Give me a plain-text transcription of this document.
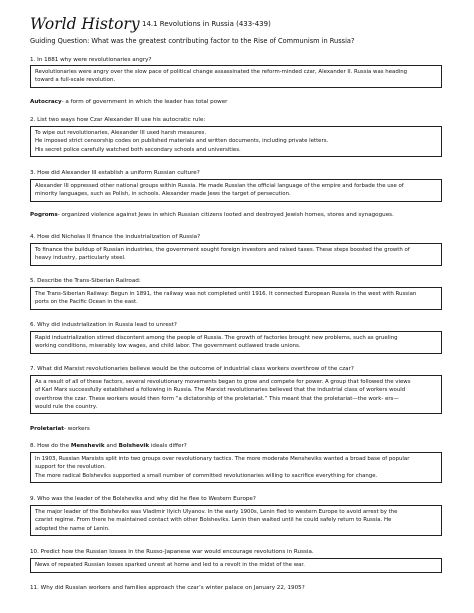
World History 14.1 Revolutions in Russia (433-439)
Guiding Question: What was the greatest contributing factor to the Rise of Communism in Russia?
1. In 1881 why were revolutionaries angry?

Revolutionaries were angry over the slow pace of political change assassinated the reform-minded czar, Alexander II. Russia was heading

toward a full-scale revolution.

Autocracy- a form of government in which the leader has total power
2. List two ways how Czar Alexander III use his autocratic rule:

To wipe out revolutionaries, Alexander III used harsh measures.

He imposed strict censorship codes on published materials and written documents, including private letters.

His secret police carefully watched both secondary schools and universities.

3. How did Alexander III establish a uniform Russian culture?

Alexander III oppressed other national groups within Russia. He made Russian the official language of the empire and forbade the use of

minority languages, such as Polish, in schools. Alexander made Jews the target of persecution.

Pogroms- organized violence against Jews in which Russian citizens looted and destroyed Jewish homes, stores and synagogues.
4. How did Nicholas II finance the industrialization of Russia?

To finance the buildup of Russian industries, the government sought foreign investors and raised taxes. These steps boosted the growth of

heavy industry, particularly steel.

5. Describe the Trans-Siberian Railroad:

The Trans-Siberian Railway: Begun in 1891, the railway was not completed until 1916. It connected European Russia in the west with Russian

ports on the Pacific Ocean in the east.

6. Why did industrialization in Russia lead to unrest?

Rapid industrialization stirred discontent among the people of Russia. The growth of factories brought new problems, such as grueling

working conditions, miserably low wages, and child labor. The government outlawed trade unions.

7. What did Marxist revolutionaries believe would be the outcome of industrial class workers overthrow of the czar?

As a result of all of these factors, several revolutionary movements began to grow and compete for power. A group that followed the views

of Karl Marx successfully established a following in Russia. The Marxist revolutionaries believed that the industrial class of workers would

overthrow the czar. These workers would then form “a dictatorship of the proletariat.” This meant that the proletariat—the work- ers—

would rule the country.

Proletariat- workers
8. How do the Menshevik and Bolshevik ideals differ?

In 1903, Russian Marxists split into two groups over revolutionary tactics. The more moderate Mensheviks wanted a broad base of popular

support for the revolution.

The more radical Bolsheviks supported a small number of committed revolutionaries willing to sacrifice everything for change.

9. Who was the leader of the Bolsheviks and why did he flee to Western Europe?

The major leader of the Bolsheviks was Vladimir Ilyich Ulyanov. In the early 1900s, Lenin fled to western Europe to avoid arrest by the

czarist regime. From there he maintained contact with other Bolsheviks. Lenin then waited until he could safely return to Russia. He

adopted the name of Lenin.

10. Predict how the Russian losses in the Russo-Japanese war would encourage revolutions in Russia.

News of repeated Russian losses sparked unrest at home and led to a revolt in the midst of the war.

11. Why did Russian workers and families approach the czar’s winter palace on January 22, 1905?
